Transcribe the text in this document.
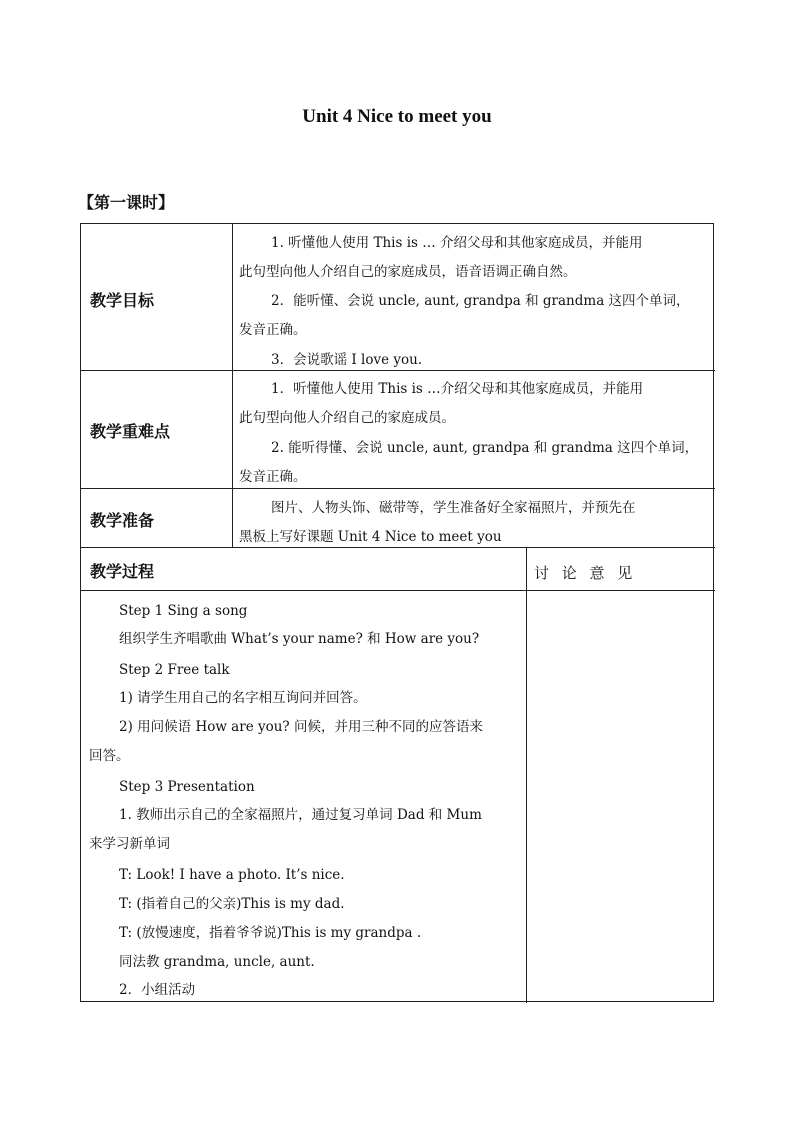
Unit 4 Nice to meet you
【第一课时】
教学目标
1. 听懂他人使用 This is … 介绍父母和其他家庭成员，并能用
此句型向他人介绍自己的家庭成员，语音语调正确自然。
2．能听懂、会说 uncle, aunt, grandpa 和 grandma 这四个单词，
发音正确。
3．会说歌谣 I love you.
教学重难点
1．听懂他人使用 This is …介绍父母和其他家庭成员，并能用
此句型向他人介绍自己的家庭成员。
2. 能听得懂、会说 uncle, aunt, grandpa 和 grandma 这四个单词，
发音正确。
教学准备
图片、人物头饰、磁带等，学生准备好全家福照片，并预先在
黑板上写好课题 Unit 4 Nice to meet you
教学过程	讨 论 意 见
Step 1 Sing a song
组织学生齐唱歌曲 What’s your name? 和 How are you?
Step 2 Free talk
1) 请学生用自己的名字相互询问并回答。
2) 用问候语 How are you? 问候，并用三种不同的应答语来
回答。
Step 3 Presentation
1. 教师出示自己的全家福照片，通过复习单词 Dad 和 Mum
来学习新单词
T: Look! I have a photo. It’s nice.
T: (指着自己的父亲)This is my dad.
T: (放慢速度，指着爷爷说)This is my grandpa .
同法教 grandma, uncle, aunt.
2．小组活动
